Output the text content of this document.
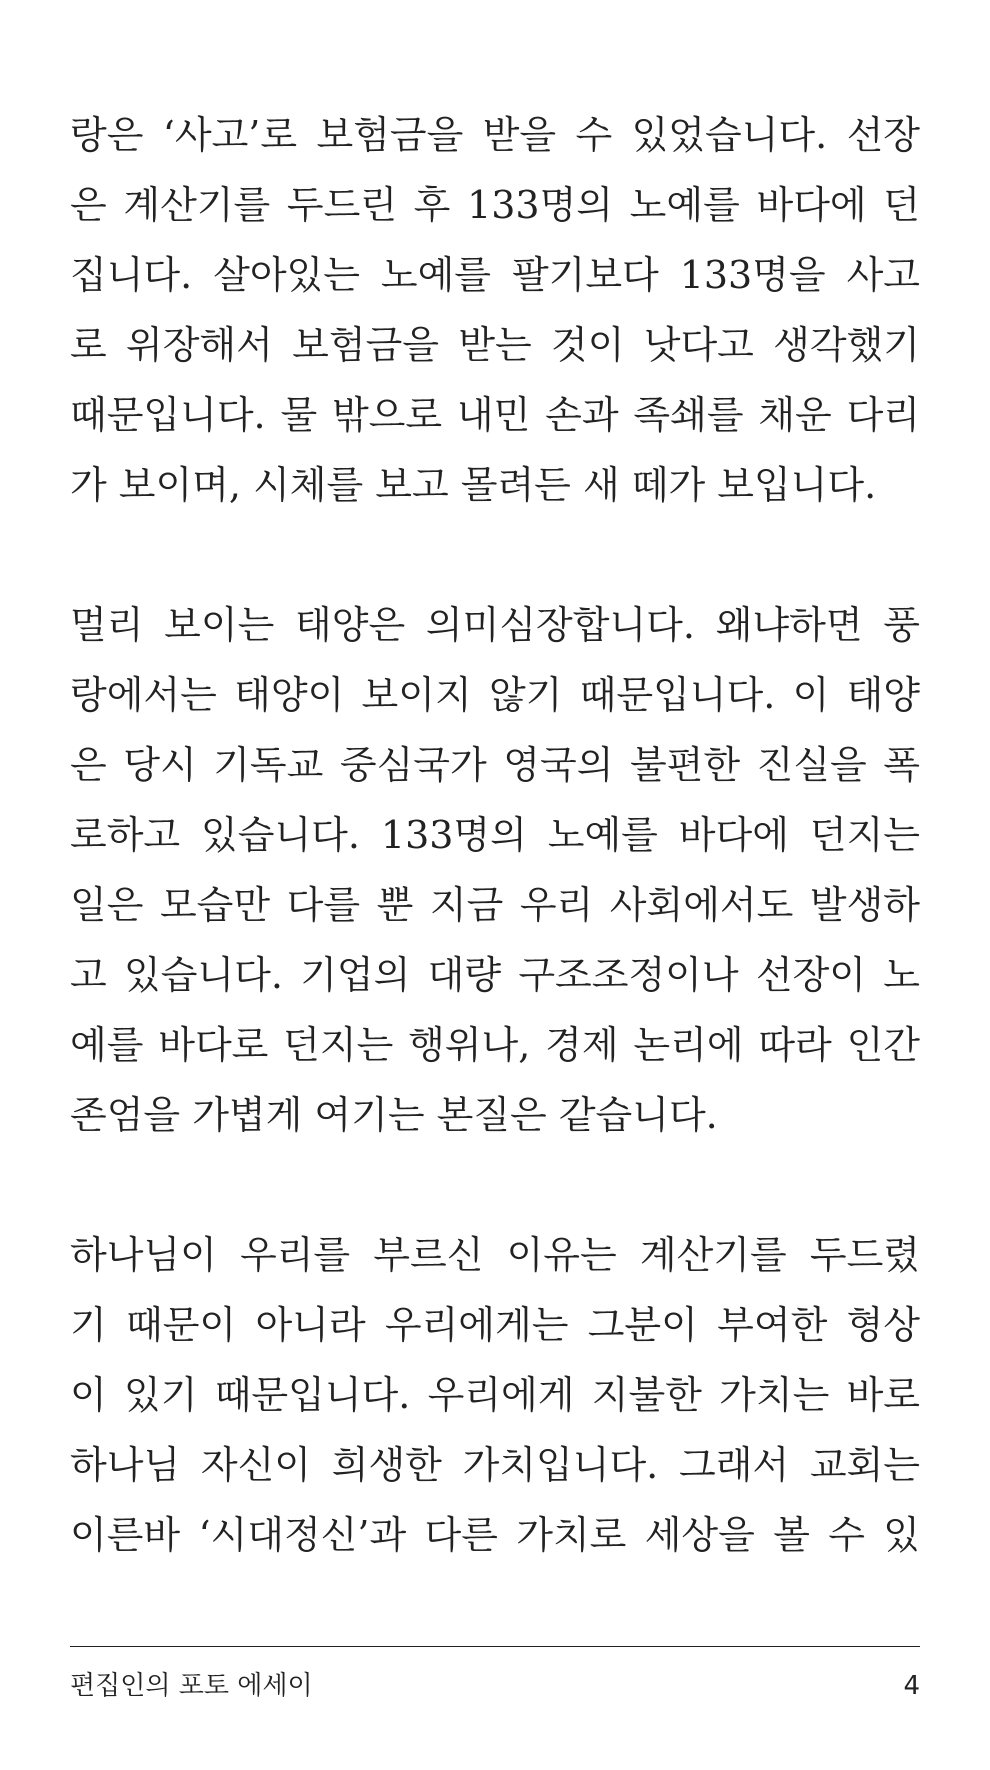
랑은 ‘사고’로 보험금을 받을 수 있었습니다. 선장
은 계산기를 두드린 후 133명의 노예를 바다에 던
집니다. 살아있는 노예를 팔기보다 133명을 사고
로 위장해서 보험금을 받는 것이 낫다고 생각했기
때문입니다. 물 밖으로 내민 손과 족쇄를 채운 다리
가 보이며, 시체를 보고 몰려든 새 떼가 보입니다.
멀리 보이는 태양은 의미심장합니다. 왜냐하면 풍
랑에서는 태양이 보이지 않기 때문입니다. 이 태양
은 당시 기독교 중심국가 영국의 불편한 진실을 폭
로하고 있습니다. 133명의 노예를 바다에 던지는
일은 모습만 다를 뿐 지금 우리 사회에서도 발생하
고 있습니다. 기업의 대량 구조조정이나 선장이 노
예를 바다로 던지는 행위나, 경제 논리에 따라 인간
존엄을 가볍게 여기는 본질은 같습니다.
하나님이 우리를 부르신 이유는 계산기를 두드렸
기 때문이 아니라 우리에게는 그분이 부여한 형상
이 있기 때문입니다. 우리에게 지불한 가치는 바로
하나님 자신이 희생한 가치입니다. 그래서 교회는
이른바 ‘시대정신’과 다른 가치로 세상을 볼 수 있
편집인의 포토 에세이	4
